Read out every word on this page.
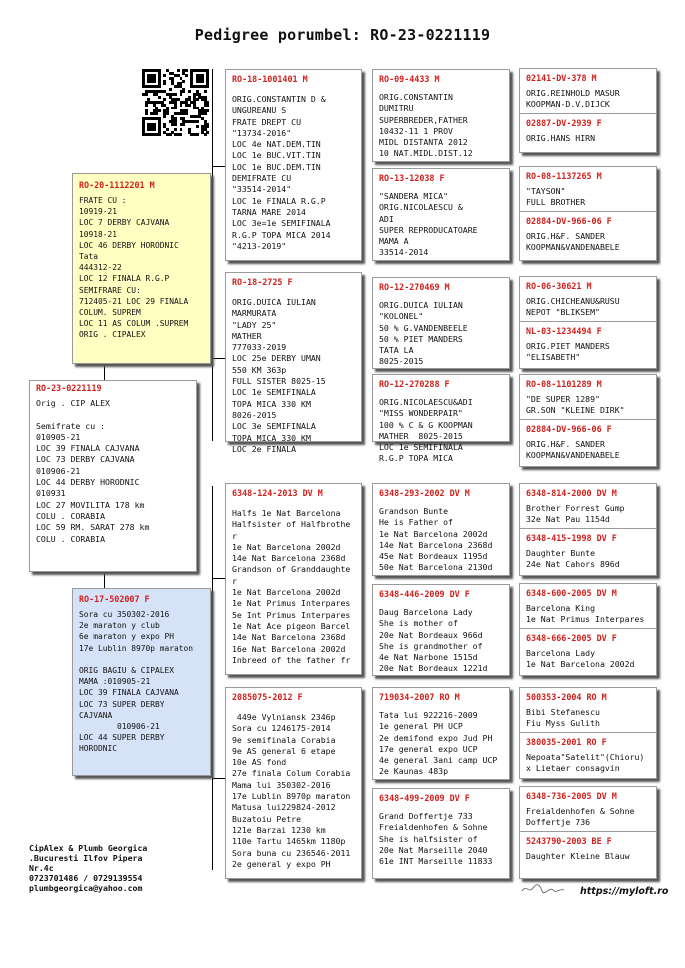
Pedigree porumbel: RO-23-0221119
RO-23-0221119
Orig . CIP ALEX

Semifrate cu :
010905-21
LOC 39 FINALA CAJVANA
LOC 73 DERBY CAJVANA
010906-21
LOC 44 DERBY HORODNIC
010931
LOC 27 MOVILITA 178 km
COLU . CORABIA
LOC 59 RM. SARAT 278 km
COLU . CORABIA
RO-20-1112201 M
FRATE CU :
10919-21
LOC 7 DERBY CAJVANA
10918-21
LOC 46 DERBY HORODNIC
Tata
444312-22
LOC 12 FINALA R.G.P
SEMIFRARE CU:
712405-21 LOC 29 FINALA
COLUM. SUPREM
LOC 11 AS COLUM .SUPREM
ORIG . CIPALEX
RO-17-502007 F
Sora cu 350302-2016
2e maraton y club
6e maraton y expo PH
17e Lublin 8970p maraton

ORIG BAGIU & CIPALEX
MAMA :010905-21
LOC 39 FINALA CAJVANA
LOC 73 SUPER DERBY
CAJVANA
010906-21
LOC 44 SUPER DERBY
HORODNIC
RO-18-1001401 M
ORIG.CONSTANTIN D &
UNGUREANU S
FRATE DREPT CU
"13734-2016"
LOC 4e NAT.DEM.TIN
LOC 1e BUC.VIT.TIN
LOC 1e BUC.DEM.TIN
DEMIFRATE CU
"33514-2014"
LOC 1e FINALA R.G.P
TARNA MARE 2014
LOC 3e=1e SEMIFINALA
R.G.P TOPA MICA 2014
"4213-2019"
RO-18-2725 F
ORIG.DUICA IULIAN
MARMURATA
"LADY 25"
MATHER
777033-2019
LOC 25e DERBY UMAN
550 KM 363p
FULL SISTER 8025-15
LOC 1e SEMIFINALA
TOPA MICA 330 KM
8026-2015
LOC 3e SEMIFINALA
TOPA MICA 330 KM
LOC 2e FINALA
6348-124-2013 DV M
Halfs 1e Nat Barcelona
Halfsister of Halfbrothe
r
1e Nat Barcelona 2002d
14e Nat Barcelona 2368d
Grandson of Granddaughte
r
1e Nat Barcelona 2002d
1e Nat Primus Interpares
5e Int Primus Interpares
1e Nat Ace pigeon Barcel
14e Nat Barcelona 2368d
16e Nat Barcelona 2002d
Inbreed of the father fr
2085075-2012 F
449e Vylniansk 2346p
Sora cu 1246175-2014
9e semifinala Corabia
9e AS general 6 etape
10e AS fond
27e finala Colum Corabia
Mama lui 350302-2016
17e Lublin 8970p maraton
Matusa lui229824-2012
Buzatoiu Petre
121e Barzai 1230 km
110e Tartu 1465km 1180p
Sora buna cu 236546-2011
2e general y expo PH
RO-09-4433 M
ORIG.CONSTANTIN
DUMITRU
SUPERBREDER,FATHER
10432-11 1 PROV
MIDL DISTANTA 2012
10 NAT.MIDL.DIST.12
RO-13-12038 F
"SANDERA MICA"
ORIG.NICOLAESCU &
ADI
SUPER REPRODUCATOARE
MAMA A
33514-2014
RO-12-270469 M
ORIG.DUICA IULIAN
"KOLONEL"
50 % G.VANDENBEELE
50 % PIET MANDERS
TATA LA
8025-2015
RO-12-270288 F
ORIG.NICOLAESCU&ADI
"MISS WONDERPAIR"
100 % C & G KOOPMAN
MATHER  8025-2015
LOC 1e SEMIFINALA
R.G.P TOPA MICA
6348-293-2002 DV M
Grandson Bunte
He is Father of
1e Nat Barcelona 2002d
14e Nat Barcelona 2368d
45e Nat Bordeaux 1195d
50e Nat Barcelona 2130d
6348-446-2009 DV F
Daug Barcelona Lady
She is mother of
20e Nat Bordeaux 966d
She is grandmother of
4e Nat Narbone 1515d
20e Nat Bordeaux 1221d
719034-2007 RO M
Tata lui 922216-2009
1e general PH UCP
2e demifond expo Jud PH
17e general expo UCP
4e general 3ani camp UCP
2e Kaunas 483p
6348-499-2009 DV F
Grand Doffertje 733
Freialdenhofen & Sohne
She is halfsister of
20e Nat Marseille 2040
61e INT Marseille 11833
02141-DV-378 M
ORIG.REINHOLD MASUR
KOOPMAN-D.V.DIJCK
02887-DV-2939 F
ORIG.HANS HIRN
RO-08-1137265 M
"TAYSON"
FULL BROTHER
02884-DV-966-06 F
ORIG.H&F. SANDER
KOOPMAN&VANDENABELE
RO-06-30621 M
ORIG.CHICHEANU&RUSU
NEPOT "BLIKSEM"
NL-03-1234494 F
ORIG.PIET MANDERS
"ELISABETH"
RO-08-1101289 M
"DE SUPER 1289"
GR.SON "KLEINE DIRK"
02884-DV-966-06 F
ORIG.H&F. SANDER
KOOPMAN&VANDENABELE
6348-814-2000 DV M
Brother Forrest Gump
32e Nat Pau 1154d
6348-415-1998 DV F
Daughter Bunte
24e Nat Cahors 896d
6348-600-2005 DV M
Barcelona King
1e Nat Primus Interpares
6348-666-2005 DV F
Barcelona Lady
1e Nat Barcelona 2002d
500353-2004 RO M
Bibi Stefanescu
Fiu Myss Gulith
380035-2001 RO F
Nepoata"Satelit"(Chioru)
x Lietaer consagvin
6348-736-2005 DV M
Freialdenhofen & Sohne
Doffertje 736
5243790-2003 BE F
Daughter Kleine Blauw
CipAlex & Plumb Georgica
.Bucuresti Ilfov Pipera
Nr.4c
0723701486 / 0729139554
plumbgeorgica@yahoo.com	https://myloft.ro
